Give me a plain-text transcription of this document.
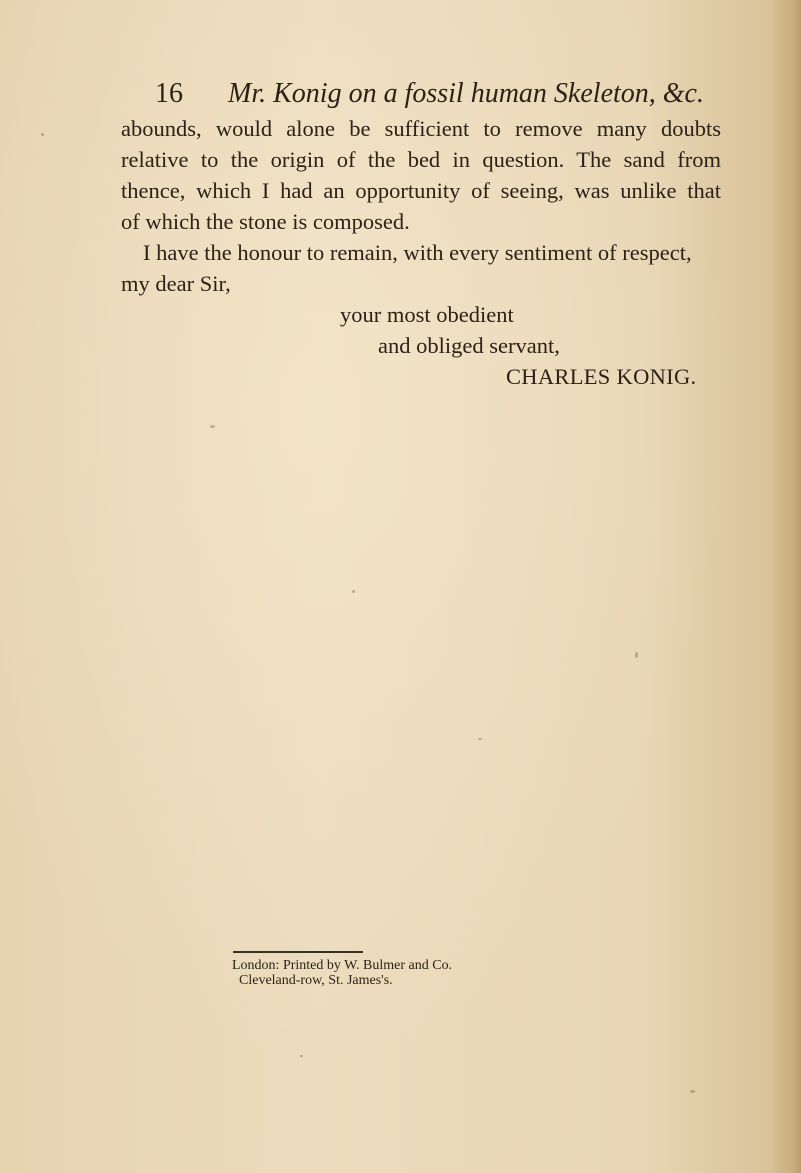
16 Mr. Konig on a fossil human Skeleton, &c.
abounds, would alone be sufficient to remove many doubts
relative to the origin of the bed in question. The sand from
thence, which I had an opportunity of seeing, was unlike that
of which the stone is composed.
I have the honour to remain, with every sentiment of respect,
my dear Sir,
your most obedient
and obliged servant,
CHARLES KONIG.
London: Printed by W. Bulmer and Co.
Cleveland-row, St. James's.
